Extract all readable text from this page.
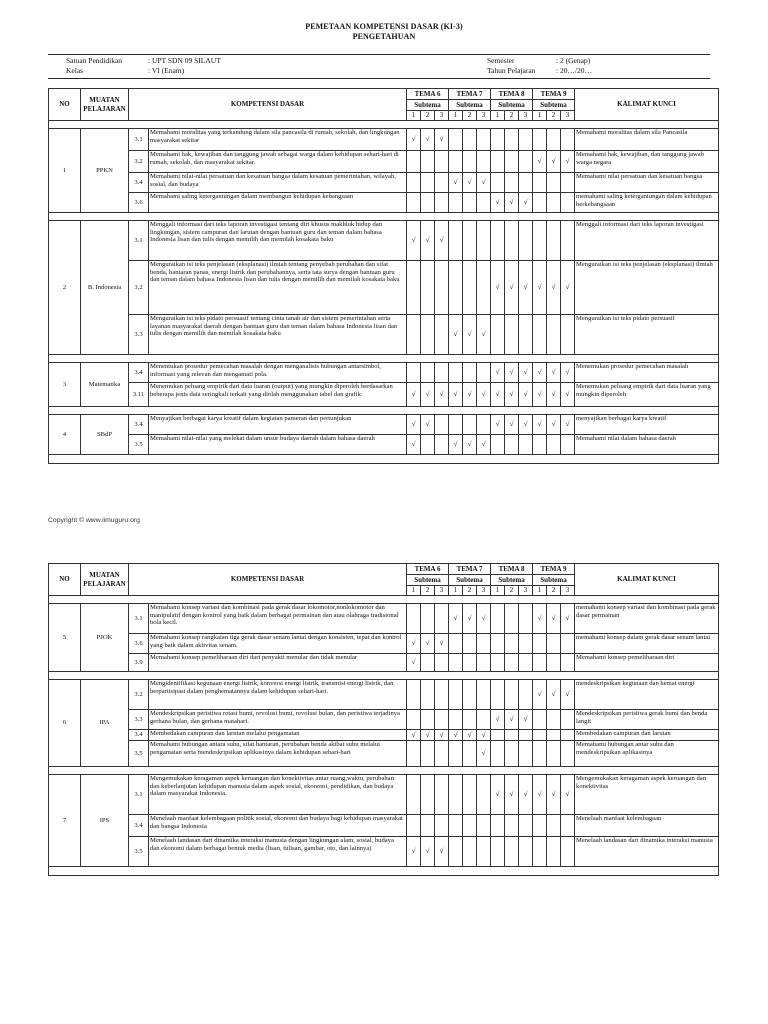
PEMETAAN KOMPETENSI DASAR (KI-3)
PENGETAHUAN
Satuan Pendidikan	: UPT SDN 09 SILAUT
Kelas	: VI (Enam)
Semester	: 2 (Genap)
Tahun Pelajaran	: 20…/20…
NO	MUATAN PELAJARAN	KOMPETENSI DASAR		TEMA 6			TEMA 7			TEMA 8			TEMA 9			KALIMAT KUNCI
				Subtema			Subtema			Subtema			Subtema			
				1	2	3	1	2	3	1	2	3	1	2	3	

1	PPKN	3.1	Memahami moralitas yang terkandung dalam sila pancasila di rumah, sekolah, dan lingkungan masyarakat sekitar	√	√	√										Memahami moralitas dalam sila Pancasila
		3.2	Memahami hak, kewajiban dan tanggung jawab sebagai warga dalam kehidupan sehari-hari di rumah, sekolah, dan masyarakat sekitar.										√	√	√	Memahami hak, kewajiban, dan tanggung jawab warga negara
		3.4	Memahami nilai-nilai persatuan dan kesatuan bangsa dalam kesatuan pemerintahan, wilayah, sosial, dan budaya				√	√	√							Memahami nilai persatuan dan kesatuan bangsa
		3.6	Memahami saling ketergantungan dalam membangun kehidupan kebangsaan							√	√	√				memahami saling ketergantungan dalam kehidupan berkebangsaan

2	B. Indonesia	3.1	Menggali informasi dari teks laporan investigasi tentang diri khusus makhluk hidup dan lingkungan, sistem campuran dan larutan dengan bantuan guru dan teman dalam bahasa Indonesia lisan dan tulis dengan memilih dan memilah kosakata baku	√	√	√										Menggali informasi dari teks laporan investigasi
		3.2	Menguraikan isi teks penjelasan (eksplanasi) ilmiah tentang penyebab perubahan dan sifat benda, hantaran panas, energi listrik dan perubahannya, serta tata surya dengan bantuan guru dan teman dalam bahasa Indonesia lisan dan tulis dengan memilih dan memilah kosakata baku							√	√	√	√	√	√	Menguraikan isi teks penjelasan (eksplanasi) ilmiah
		3.3	Menguraikan isi teks pidato persuasif tentang cinta tanah air dan sistem pemerintahan serta layanan masyarakat daerah dengan bantuan guru dan teman dalam bahasa Indonesia lisan dan tulis dengan memilih dan memilah kosakata baku				√	√	√							Menguraikan isi teks pidato persuasif

3	Matematika	3.4	Menentukan prosedur pemecahan masalah dengan menganalisis hubungan antarsimbol, informasi yang relevan dan mengamati pola.							√	√	√	√	√	√	Menemukan prosedur pemecahan masalah
		3.11	Menemukan peluang empirik dari data luaran (output) yang mungkin diperoleh berdasarkan beberapa jenis data seringkali terkait yang diolah menggunakan tabel dan grafik	√	√	√	√	√	√	√	√	√	√	√	√	Menemukan peluang empirik dari data luaran yang mungkin diperoleh

4	SBdP	3.4	Menyajikan berbagai karya kreatif dalam kegiatan pameran dan pertunjukan	√	√					√	√	√	√	√	√	menyajikan berbagai karya kreatif
		3.5	Memahami nilai-nilai yang melekat dalam unsur budaya daerah dalam bahasa daerah	√			√	√	√							Memahami nilai dalam bahasa daerah

Copyright © www.iimuguru.org
NO	MUATAN PELAJARAN	KOMPETENSI DASAR		TEMA 6			TEMA 7			TEMA 8			TEMA 9			KALIMAT KUNCI
				Subtema			Subtema			Subtema			Subtema			
				1	2	3	1	2	3	1	2	3	1	2	3	

5	PJOK	3.1	Memahami konsep variasi dan kombinasi pada gerak dasar lokomotor,nonlokomotor dan manipulatif dengan kontrol yang baik dalam berbagai permainan dan atau olahraga tradisional bola kecil.				√	√	√				√	√	√	memahami konsep variasi dan kombinasi pada gerak dasar permainan
		3.6	Memahami konsep rangkaian tiga gerak dasar senam lantai dengan konsisten, tepat dan kontrol yang baik dalam aktivitas senam.	√	√	√										memahami konsep dalam gerak dasar senam lantai
		3.9	Memahami konsep pemeliharaan diri dari penyakit menular dan tidak menular	√												Memahami konsep pemeliharaan diri

6	IPA	3.2	Mengidentifikasi kegunaan energi listrik, konversi energi listrik, transmisi energi listrik, dan berpartisipasi dalam penghematannya dalam kehidupan sehari-hari.										√	√	√	mendeskripsikan kegunaan dan hemat energi
		3.3	Mendeskripsikan peristiwa rotasi bumi, revolusi bumi, revolusi bulan, dan peristiwa terjadinya gerhana bulan, dan gerhana matahari.							√	√	√				Mendeskripsikan peristiwa gerak bumi dan benda langit
		3.4	Membedakan campuran dan larutan melalui pengamatan	√	√	√	√	√	√							Membedakan campuran dan larutan
		3.5	Memahami hubungan antara suhu, sifat hantaran, perubahan benda akibat suhu melalui pengamatan serta mendeskripsikan aplikasinya dalam kehidupan sehari-hari						√							Memahami hubungan antar suhu dan mendeskripsikan aplikasinya

7	IPS	3.1	Mengemukakan keragaman aspek keruangan dan konektivitas antar ruang,waktu, perubahan dan keberlanjutan kehidupan manusia dalam aspek sosial, ekonomi, pendidikan, dan budaya dalam masyarakat Indonesia.							√	√	√	√	√	√	Mengemukakan keragaman aspek keruangan dan konektivitas
		3.4	Menelaah manfaat kelembagaan politik sosial, ekonomi dan budaya bagi kehidupan masyarakat dan bangsa Indonesia													Menelaah manfaat kelembagaan
		3.5	Menelaah landasan dari dinamika interaksi manusia dengan lingkungan alam, sosial, budaya dan ekonomi dalam berbagai bentuk media (lisan, tulisan, gambar, oto, dan lainnya)	√	√	√										Menelaah landasan dari dinamika interaksi manusia
